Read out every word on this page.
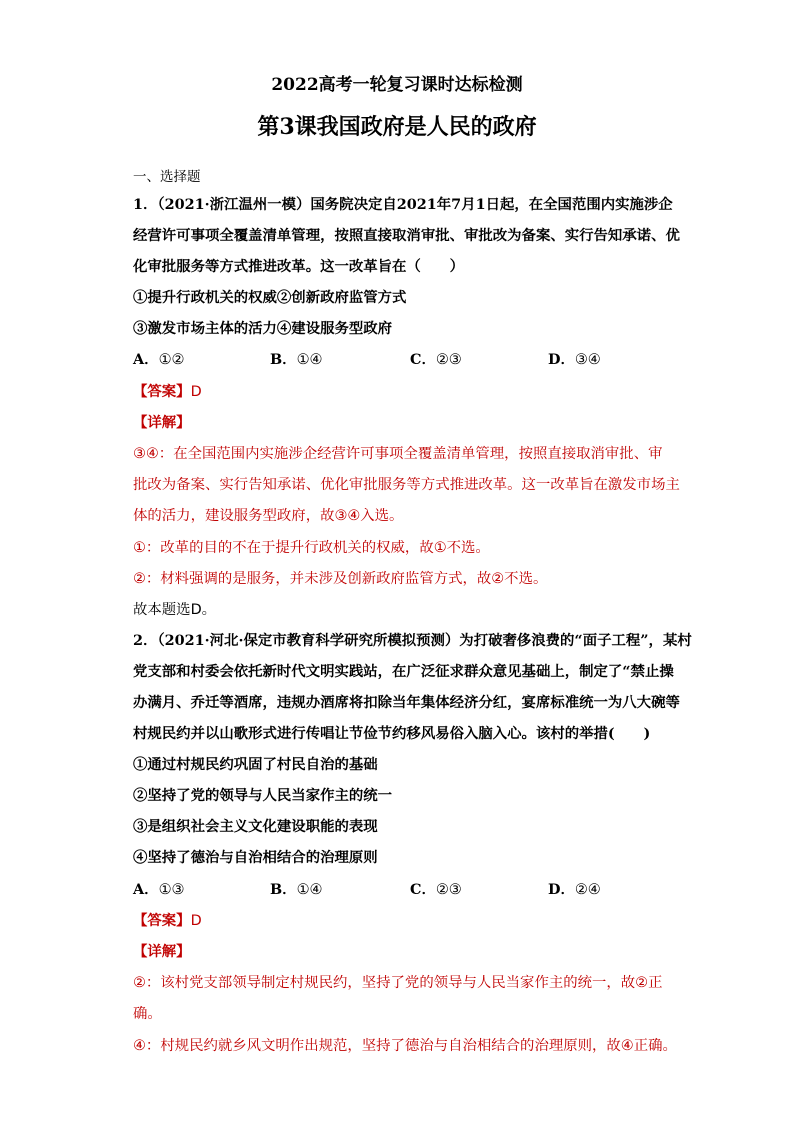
2022高考一轮复习课时达标检测
第3课我国政府是人民的政府
一、选择题
1．（2021·浙江温州一模）国务院决定自2021年7月1日起，在全国范围内实施涉企
经营许可事项全覆盖清单管理，按照直接取消审批、审批改为备案、实行告知承诺、优
化审批服务等方式推进改革。这一改革旨在（　　）
①提升行政机关的权威②创新政府监管方式
③激发市场主体的活力④建设服务型政府
A．①②	B．①④	C．②③	D．③④
【答案】D
【详解】
③④：在全国范围内实施涉企经营许可事项全覆盖清单管理，按照直接取消审批、审
批改为备案、实行告知承诺、优化审批服务等方式推进改革。这一改革旨在激发市场主
体的活力，建设服务型政府，故③④入选。
①：改革的目的不在于提升行政机关的权威，故①不选。
②：材料强调的是服务，并未涉及创新政府监管方式，故②不选。
故本题选D。
2．（2021·河北·保定市教育科学研究所模拟预测）为打破奢侈浪费的“面子工程”，某村
党支部和村委会依托新时代文明实践站，在广泛征求群众意见基础上，制定了“禁止操
办满月、乔迁等酒席，违规办酒席将扣除当年集体经济分红，宴席标准统一为八大碗等
村规民约并以山歌形式进行传唱让节俭节约移风易俗入脑入心。该村的举措(　　)
①通过村规民约巩固了村民自治的基础
②坚持了党的领导与人民当家作主的统一
③是组织社会主义文化建设职能的表现
④坚持了德治与自治相结合的治理原则
A．①③	B．①④	C．②③	D．②④
【答案】D
【详解】
②：该村党支部领导制定村规民约，坚持了党的领导与人民当家作主的统一，故②正
确。
④：村规民约就乡风文明作出规范，坚持了德治与自治相结合的治理原则，故④正确。
